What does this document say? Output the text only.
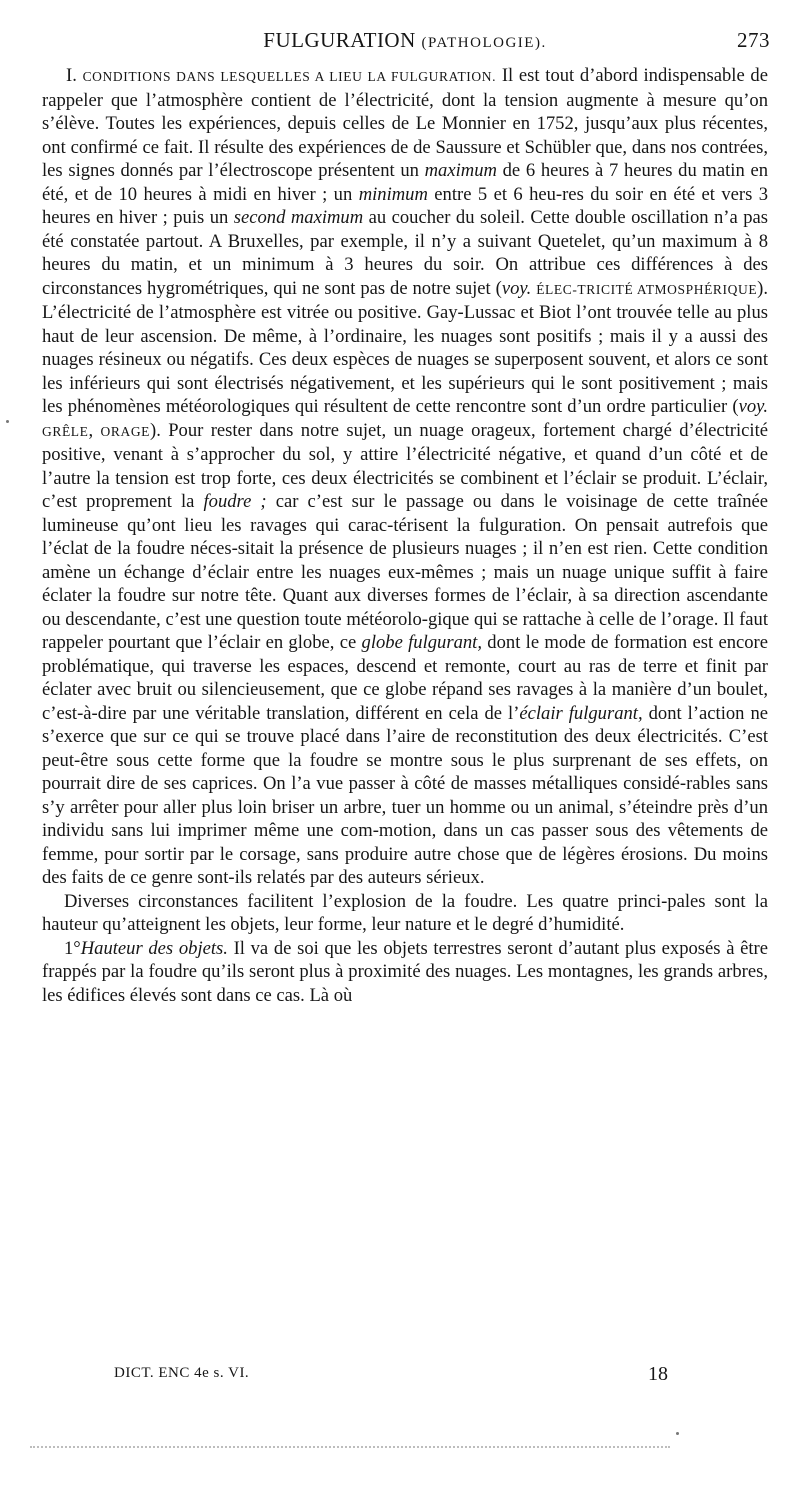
FULGURATION (PATHOLOGIE).	273

I. CONDITIONS DANS LESQUELLES A LIEU LA FULGURATION. Il est tout d’abord indispensable de rappeler que l’atmosphère contient de l’électricité, dont la tension augmente à mesure qu’on s’élève. Toutes les expériences, depuis celles de Le Monnier en 1752, jusqu’aux plus récentes, ont confirmé ce fait. Il résulte des expériences de de Saussure et Schübler que, dans nos contrées, les signes donnés par l’électroscope présentent un maximum de 6 heures à 7 heures du matin en été, et de 10 heures à midi en hiver ; un minimum entre 5 et 6 heu-res du soir en été et vers 3 heures en hiver ; puis un second maximum au coucher du soleil. Cette double oscillation n’a pas été constatée partout. A Bruxelles, par exemple, il n’y a suivant Quetelet, qu’un maximum à 8 heures du matin, et un minimum à 3 heures du soir. On attribue ces différences à des circonstances hygrométriques, qui ne sont pas de notre sujet (voy. ÉLEC-TRICITÉ ATMOSPHÉRIQUE). L’électricité de l’atmosphère est vitrée ou positive. Gay-Lussac et Biot l’ont trouvée telle au plus haut de leur ascension. De même, à l’ordinaire, les nuages sont positifs ; mais il y a aussi des nuages résineux ou négatifs. Ces deux espèces de nuages se superposent souvent, et alors ce sont les inférieurs qui sont électrisés négativement, et les supérieurs qui le sont positivement ; mais les phénomènes météorologiques qui résultent de cette rencontre sont d’un ordre particulier (voy. GRÊLE, ORAGE). Pour rester dans notre sujet, un nuage orageux, fortement chargé d’électricité positive, venant à s’approcher du sol, y attire l’électricité négative, et quand d’un côté et de l’autre la tension est trop forte, ces deux électricités se combinent et l’éclair se produit. L’éclair, c’est proprement la foudre ; car c’est sur le passage ou dans le voisinage de cette traînée lumineuse qu’ont lieu les ravages qui carac-térisent la fulguration. On pensait autrefois que l’éclat de la foudre néces-sitait la présence de plusieurs nuages ; il n’en est rien. Cette condition amène un échange d’éclair entre les nuages eux-mêmes ; mais un nuage unique suffit à faire éclater la foudre sur notre tête. Quant aux diverses formes de l’éclair, à sa direction ascendante ou descendante, c’est une question toute météorolo-gique qui se rattache à celle de l’orage. Il faut rappeler pourtant que l’éclair en globe, ce globe fulgurant, dont le mode de formation est encore problématique, qui traverse les espaces, descend et remonte, court au ras de terre et finit par éclater avec bruit ou silencieusement, que ce globe répand ses ravages à la manière d’un boulet, c’est-à-dire par une véritable translation, différent en cela de l’éclair fulgurant, dont l’action ne s’exerce que sur ce qui se trouve placé dans l’aire de reconstitution des deux électricités. C’est peut-être sous cette forme que la foudre se montre sous le plus surprenant de ses effets, on pourrait dire de ses caprices. On l’a vue passer à côté de masses métalliques considé-rables sans s’y arrêter pour aller plus loin briser un arbre, tuer un homme ou un animal, s’éteindre près d’un individu sans lui imprimer même une com-motion, dans un cas passer sous des vêtements de femme, pour sortir par le corsage, sans produire autre chose que de légères érosions. Du moins des faits de ce genre sont-ils relatés par des auteurs sérieux.

Diverses circonstances facilitent l’explosion de la foudre. Les quatre princi-pales sont la hauteur qu’atteignent les objets, leur forme, leur nature et le degré d’humidité.

1°Hauteur des objets. Il va de soi que les objets terrestres seront d’autant plus exposés à être frappés par la foudre qu’ils seront plus à proximité des nuages. Les montagnes, les grands arbres, les édifices élevés sont dans ce cas. Là où

DICT. ENC 4e s. VI.	18
